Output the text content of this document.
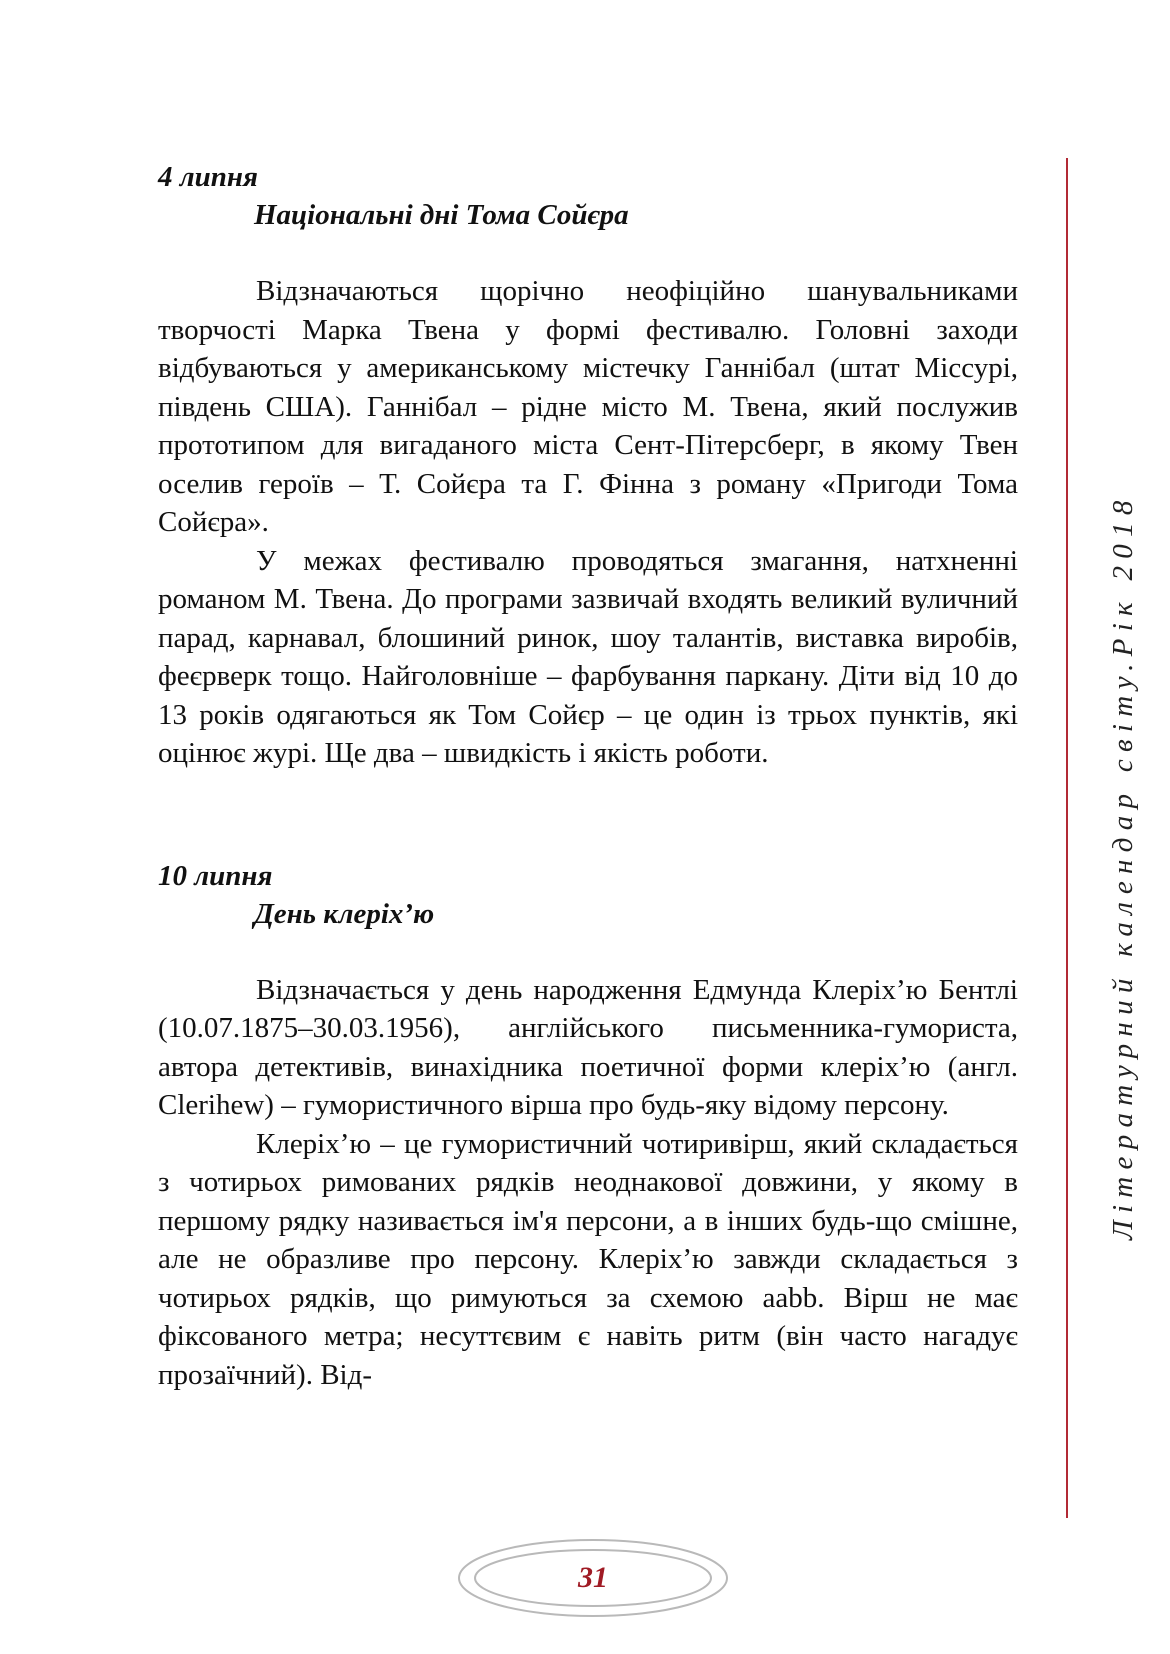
4 липня

Національні дні Тома Сойєра

Відзначаються щорічно неофіційно шанувальниками творчості Марка Твена у формі фестивалю. Головні заходи відбуваються у американському містечку Ганнібал (штат Міссурі, південь США). Ганнібал – рідне місто М. Твена, який послужив прототипом для вигаданого міста Сент-Пітерсберг, в якому Твен оселив героїв – Т. Сойєра та Г. Фінна з роману «Пригоди Тома Сойєра».

У межах фестивалю проводяться змагання, натхненні романом М. Твена. До програми зазвичай входять великий вуличний парад, карнавал, блошиний ринок, шоу талантів, виставка виробів, феєрверк тощо. Найголовніше – фарбування паркану. Діти від 10 до 13 років одягаються як Том Сойєр – це один із трьох пунктів, які оцінює журі. Ще два – швидкість і якість роботи.

10 липня

День клеріх’ю

Відзначається у день народження Едмунда Клеріх’ю Бентлі (10.07.1875–30.03.1956), англійського письменника-гумориста, автора детективів, винахідника поетичної форми клеріх’ю (англ. Clerihew) – гумористичного вірша про будь-яку відому персону.

Клеріх’ю – це гумористичний чотиривірш, який складається з чотирьох римованих рядків неоднакової довжини, у якому в першому рядку називається ім'я персони, а в інших будь-що смішне, але не образливе про персону. Клеріх’ю завжди складається з чотирьох рядків, що римуються за схемою aabb. Вірш не має фіксованого метра; несуттєвим є навіть ритм (він часто нагадує прозаїчний). Від-

Літературний календар світу.Рік 2018
31
